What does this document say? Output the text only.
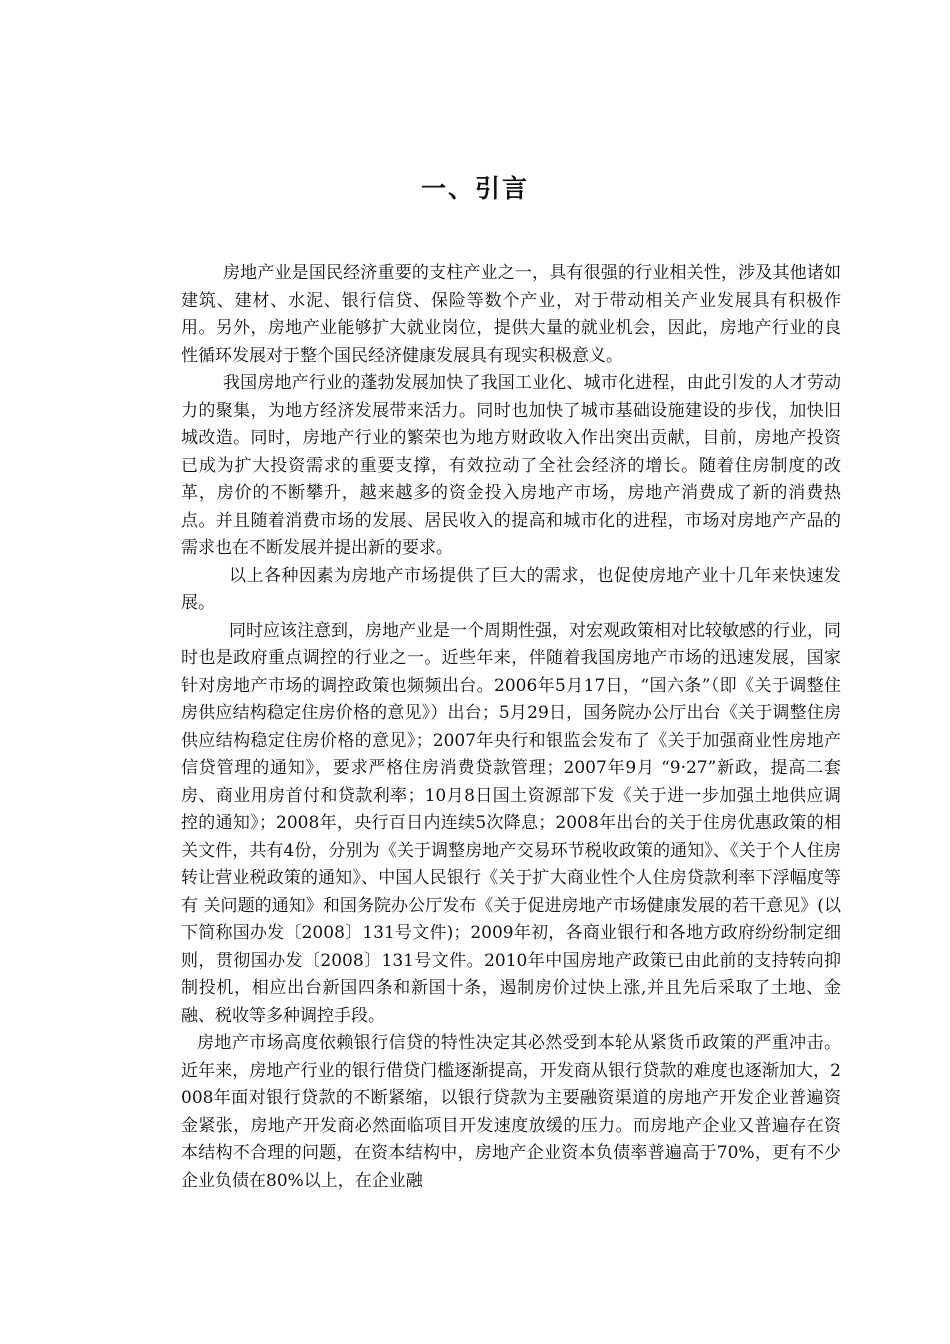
一、引言

房地产业是国民经济重要的支柱产业之一，具有很强的行业相关性，涉及其他诸如建筑、建材、水泥、银行信贷、保险等数个产业，对于带动相关产业发展具有积极作用。另外，房地产业能够扩大就业岗位，提供大量的就业机会，因此，房地产行业的良性循环发展对于整个国民经济健康发展具有现实积极意义。

我国房地产行业的蓬勃发展加快了我国工业化、城市化进程，由此引发的人才劳动力的聚集，为地方经济发展带来活力。同时也加快了城市基础设施建设的步伐，加快旧城改造。同时，房地产行业的繁荣也为地方财政收入作出突出贡献，目前，房地产投资已成为扩大投资需求的重要支撑，有效拉动了全社会经济的增长。随着住房制度的改革，房价的不断攀升，越来越多的资金投入房地产市场，房地产消费成了新的消费热点。并且随着消费市场的发展、居民收入的提高和城市化的进程，市场对房地产产品的需求也在不断发展并提出新的要求。

以上各种因素为房地产市场提供了巨大的需求，也促使房地产业十几年来快速发展。

同时应该注意到，房地产业是一个周期性强，对宏观政策相对比较敏感的行业，同时也是政府重点调控的行业之一。近些年来，伴随着我国房地产市场的迅速发展，国家针对房地产市场的调控政策也频频出台。2006年5月17日，“国六条”（即《关于调整住房供应结构稳定住房价格的意见》）出台；5月29日，国务院办公厅出台《关于调整住房供应结构稳定住房价格的意见》；2007年央行和银监会发布了《关于加强商业性房地产信贷管理的通知》，要求严格住房消费贷款管理；2007年9月 “9·27”新政，提高二套房、商业用房首付和贷款利率；10月8日国土资源部下发《关于进一步加强土地供应调控的通知》；2008年，央行百日内连续5次降息；2008年出台的关于住房优惠政策的相关文件，共有4份，分别为《关于调整房地产交易环节税收政策的通知》、《关于个人住房转让营业税政策的通知》、中国人民银行《关于扩大商业性个人住房贷款利率下浮幅度等有 关问题的通知》和国务院办公厅发布《关于促进房地产市场健康发展的若干意见》(以下简称国办发〔2008〕131号文件)；2009年初，各商业银行和各地方政府纷纷制定细则，贯彻国办发〔2008〕131号文件。2010年中国房地产政策已由此前的支持转向抑制投机，相应出台新国四条和新国十条，遏制房价过快上涨,并且先后采取了土地、金融、税收等多种调控手段。

房地产市场高度依赖银行信贷的特性决定其必然受到本轮从紧货币政策的严重冲击。近年来，房地产行业的银行借贷门槛逐渐提高，开发商从银行贷款的难度也逐渐加大，2008年面对银行贷款的不断紧缩，以银行贷款为主要融资渠道的房地产开发企业普遍资金紧张，房地产开发商必然面临项目开发速度放缓的压力。而房地产企业又普遍存在资本结构不合理的问题，在资本结构中，房地产企业资本负债率普遍高于70%，更有不少企业负债在80%以上，在企业融
